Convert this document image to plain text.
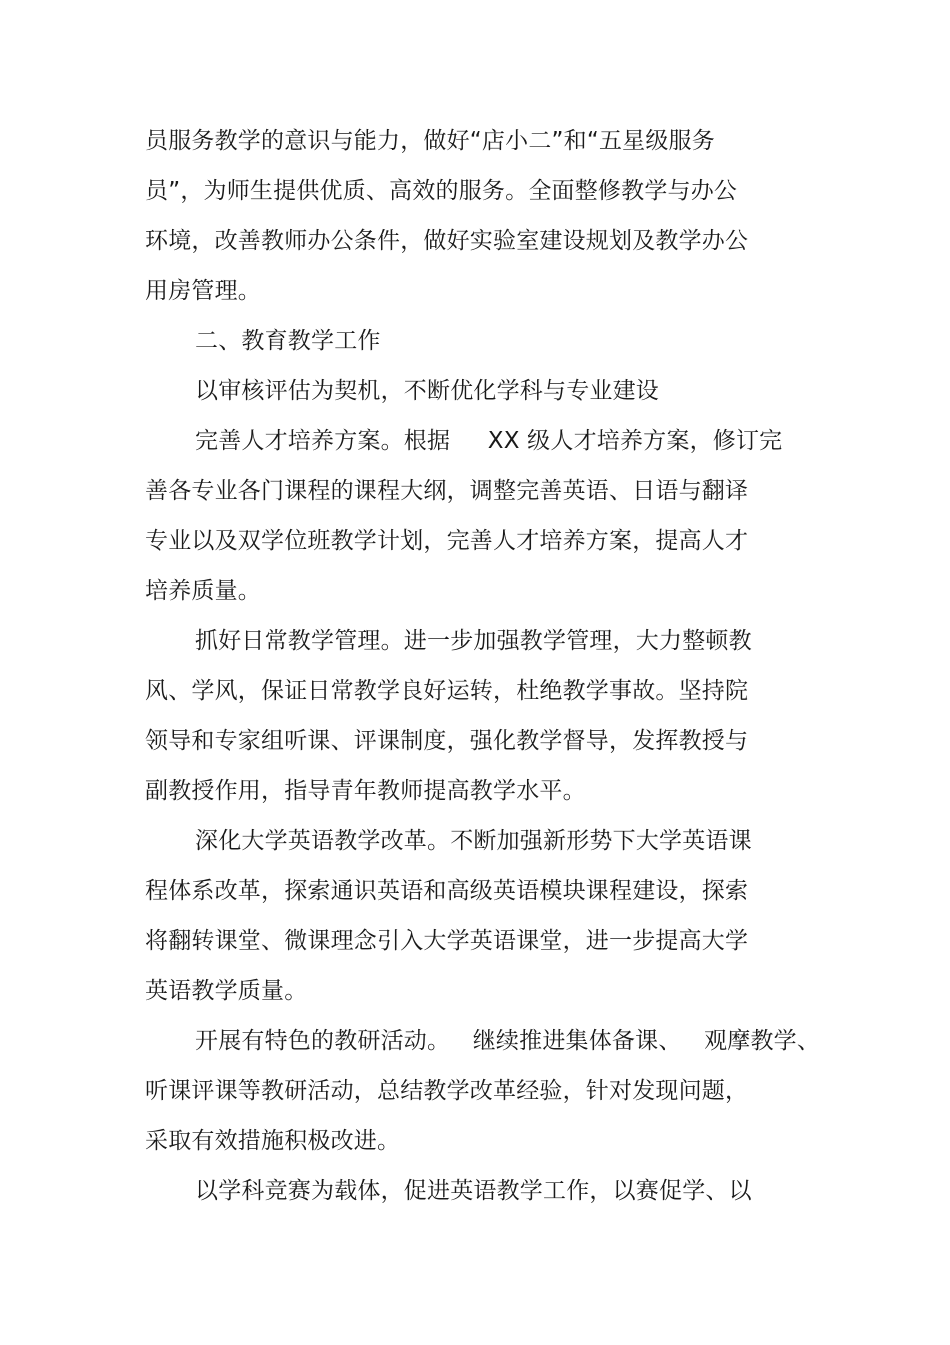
员服务教学的意识与能力，做好“店小二”和“五星级服务
员”，为师生提供优质、高效的服务。全面整修教学与办公
环境，改善教师办公条件，做好实验室建设规划及教学办公
用房管理。
二、教育教学工作
以审核评估为契机，不断优化学科与专业建设
完善人才培养方案。根据     XX 级人才培养方案，修订完
善各专业各门课程的课程大纲，调整完善英语、日语与翻译
专业以及双学位班教学计划，完善人才培养方案，提高人才
培养质量。
抓好日常教学管理。进一步加强教学管理，大力整顿教
风、学风，保证日常教学良好运转，杜绝教学事故。坚持院
领导和专家组听课、评课制度，强化教学督导，发挥教授与
副教授作用，指导青年教师提高教学水平。
深化大学英语教学改革。不断加强新形势下大学英语课
程体系改革，探索通识英语和高级英语模块课程建设，探索
将翻转课堂、微课理念引入大学英语课堂，进一步提高大学
英语教学质量。
开展有特色的教研活动。   继续推进集体备课、   观摩教学、
听课评课等教研活动，总结教学改革经验，针对发现问题，
采取有效措施积极改进。
以学科竞赛为载体，促进英语教学工作，以赛促学、以
